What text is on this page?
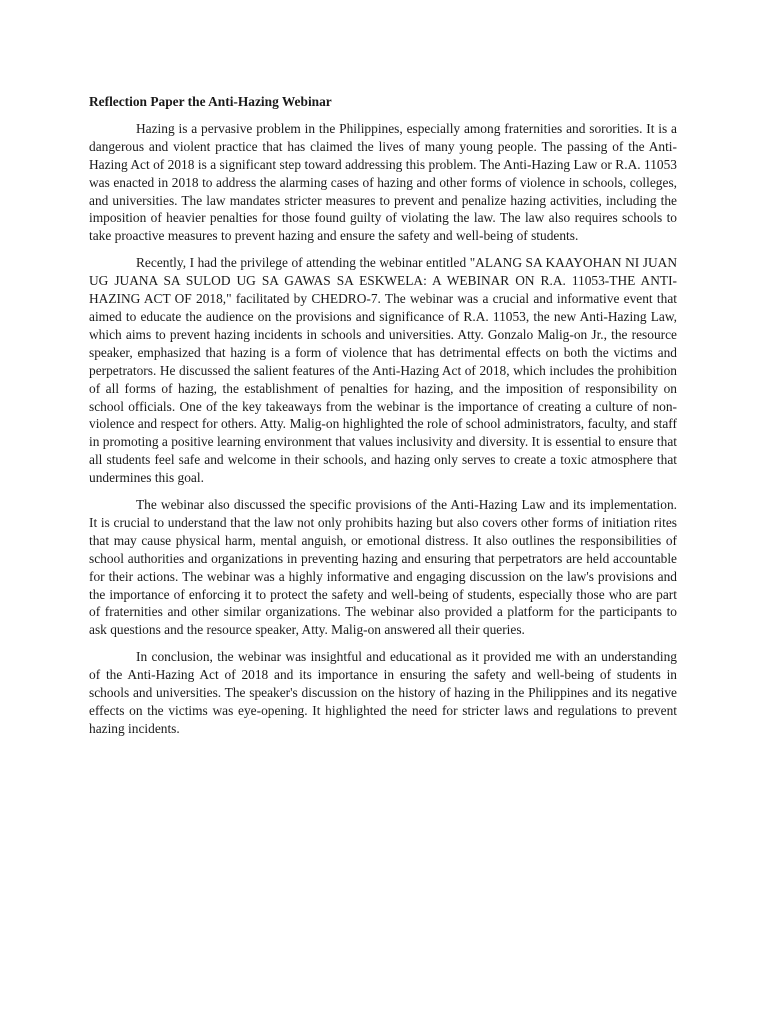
Reflection Paper the Anti-Hazing Webinar

Hazing is a pervasive problem in the Philippines, especially among fraternities and sororities. It is a dangerous and violent practice that has claimed the lives of many young people. The passing of the Anti-Hazing Act of 2018 is a significant step toward addressing this problem. The Anti-Hazing Law or R.A. 11053 was enacted in 2018 to address the alarming cases of hazing and other forms of violence in schools, colleges, and universities. The law mandates stricter measures to prevent and penalize hazing activities, including the imposition of heavier penalties for those found guilty of violating the law. The law also requires schools to take proactive measures to prevent hazing and ensure the safety and well-being of students.

Recently, I had the privilege of attending the webinar entitled "ALANG SA KAAYOHAN NI JUAN UG JUANA SA SULOD UG SA GAWAS SA ESKWELA: A WEBINAR ON R.A. 11053-THE ANTI-HAZING ACT OF 2018," facilitated by CHEDRO-7. The webinar was a crucial and informative event that aimed to educate the audience on the provisions and significance of R.A. 11053, the new Anti-Hazing Law, which aims to prevent hazing incidents in schools and universities. Atty. Gonzalo Malig-on Jr., the resource speaker, emphasized that hazing is a form of violence that has detrimental effects on both the victims and perpetrators. He discussed the salient features of the Anti-Hazing Act of 2018, which includes the prohibition of all forms of hazing, the establishment of penalties for hazing, and the imposition of responsibility on school officials. One of the key takeaways from the webinar is the importance of creating a culture of non-violence and respect for others. Atty. Malig-on highlighted the role of school administrators, faculty, and staff in promoting a positive learning environment that values inclusivity and diversity. It is essential to ensure that all students feel safe and welcome in their schools, and hazing only serves to create a toxic atmosphere that undermines this goal.

The webinar also discussed the specific provisions of the Anti-Hazing Law and its implementation. It is crucial to understand that the law not only prohibits hazing but also covers other forms of initiation rites that may cause physical harm, mental anguish, or emotional distress. It also outlines the responsibilities of school authorities and organizations in preventing hazing and ensuring that perpetrators are held accountable for their actions. The webinar was a highly informative and engaging discussion on the law's provisions and the importance of enforcing it to protect the safety and well-being of students, especially those who are part of fraternities and other similar organizations. The webinar also provided a platform for the participants to ask questions and the resource speaker, Atty. Malig-on answered all their queries.

In conclusion, the webinar was insightful and educational as it provided me with an understanding of the Anti-Hazing Act of 2018 and its importance in ensuring the safety and well-being of students in schools and universities. The speaker's discussion on the history of hazing in the Philippines and its negative effects on the victims was eye-opening. It highlighted the need for stricter laws and regulations to prevent hazing incidents.
